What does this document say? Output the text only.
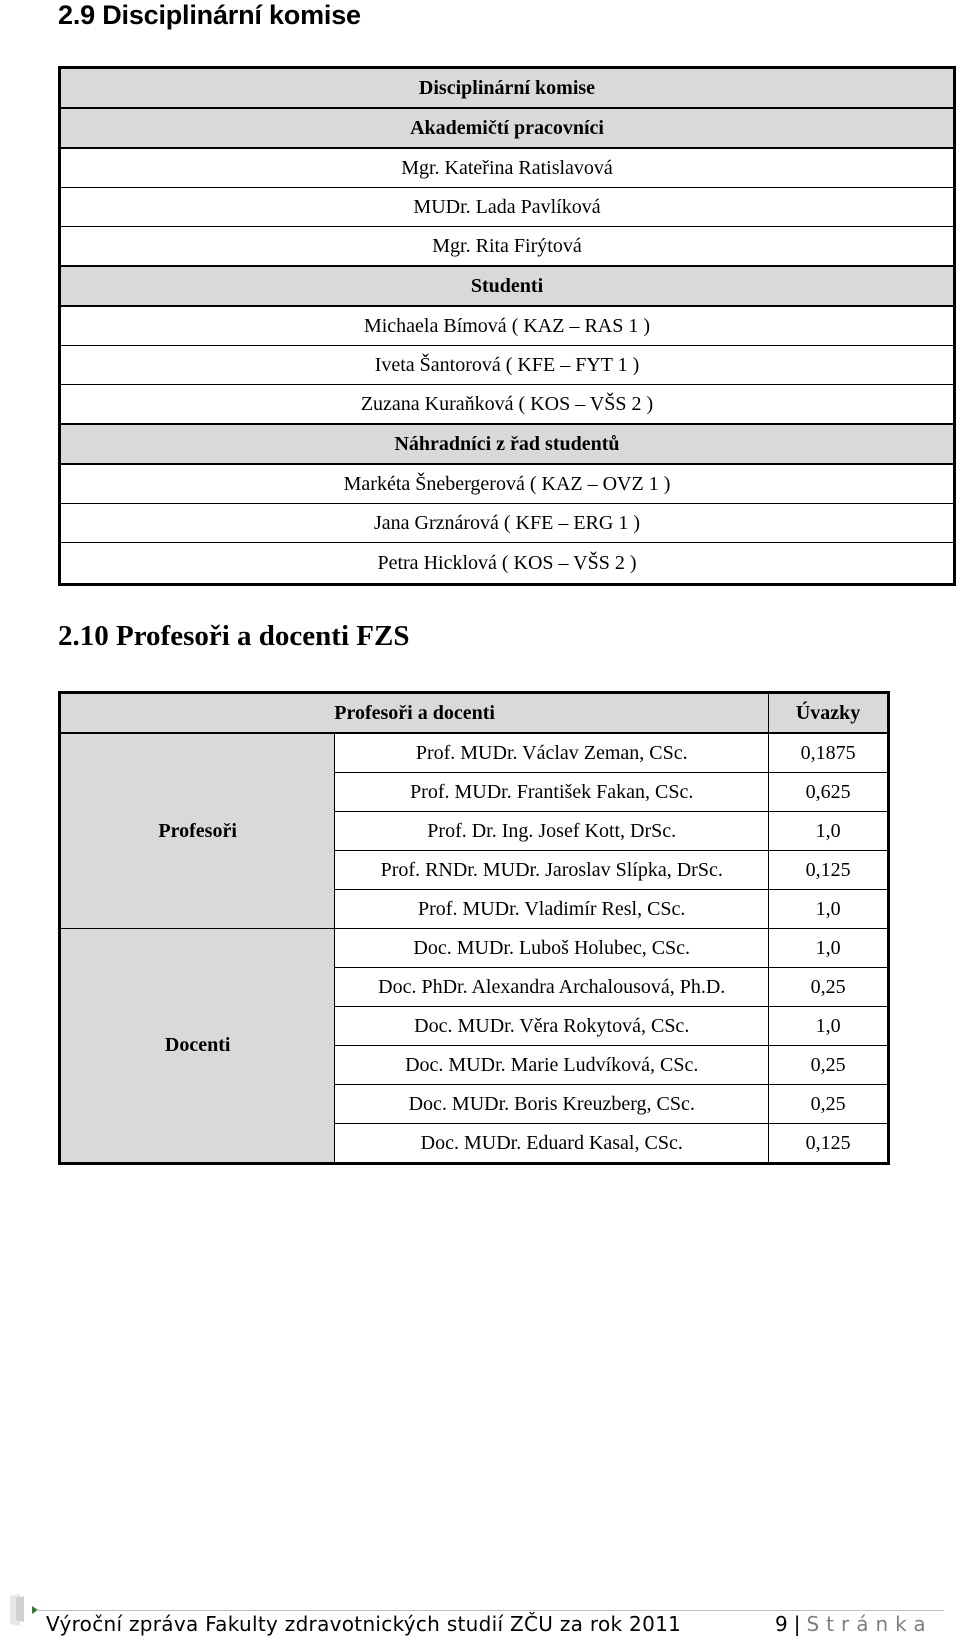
2.9 Disciplinární komise
Disciplinární komise
Akademičtí pracovníci
Mgr. Kateřina Ratislavová
MUDr. Lada Pavlíková
Mgr. Rita Firýtová
Studenti
Michaela Bímová ( KAZ – RAS 1 )
Iveta Šantorová ( KFE – FYT 1 )
Zuzana Kuraňková ( KOS – VŠS 2 )
Náhradníci z řad studentů
Markéta Šnebergerová ( KAZ – OVZ 1 )
Jana Grznárová ( KFE – ERG 1 )
Petra Hicklová ( KOS – VŠS 2 )
2.10 Profesoři a docenti FZS
Profesoři a docenti		Úvazky
Profesoři	Prof. MUDr. Václav Zeman, CSc.	0,1875
	Prof. MUDr. František Fakan, CSc.	0,625
	Prof. Dr. Ing. Josef Kott, DrSc.	1,0
	Prof. RNDr. MUDr. Jaroslav Slípka, DrSc.	0,125
	Prof. MUDr. Vladimír Resl, CSc.	1,0
Docenti	Doc. MUDr. Luboš Holubec, CSc.	1,0
	Doc. PhDr. Alexandra Archalousová, Ph.D.	0,25
	Doc. MUDr. Věra Rokytová, CSc.	1,0
	Doc. MUDr. Marie Ludvíková, CSc.	0,25
	Doc. MUDr. Boris Kreuzberg, CSc.	0,25
	Doc. MUDr. Eduard Kasal, CSc.	0,125
Výroční zpráva Fakulty zdravotnických studií ZČU za rok 2011	9 | Stránka
